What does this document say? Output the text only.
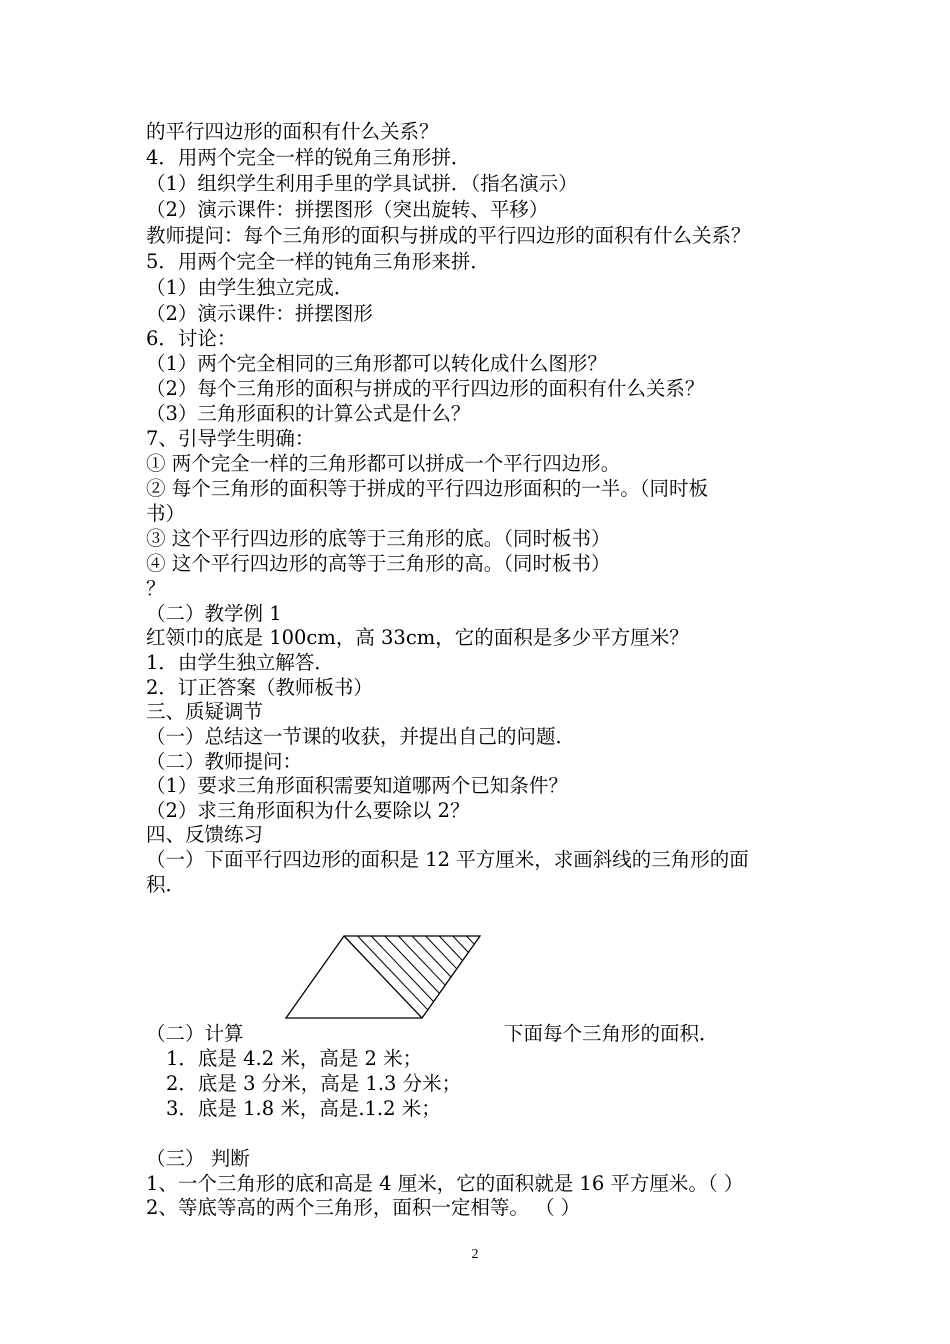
的平行四边形的面积有什么关系？
4．用两个完全一样的锐角三角形拼．
（1）组织学生利用手里的学具试拼．（指名演示）
（2）演示课件：拼摆图形（突出旋转、平移）
教师提问：每个三角形的面积与拼成的平行四边形的面积有什么关系？
5．用两个完全一样的钝角三角形来拼．
（1）由学生独立完成．
（2）演示课件：拼摆图形
6．讨论：
（1）两个完全相同的三角形都可以转化成什么图形？
（2）每个三角形的面积与拼成的平行四边形的面积有什么关系？
（3）三角形面积的计算公式是什么？
7、引导学生明确：
① 两个完全一样的三角形都可以拼成一个平行四边形。
② 每个三角形的面积等于拼成的平行四边形面积的一半。（同时板
书）
③ 这个平行四边形的底等于三角形的底。（同时板书）
④ 这个平行四边形的高等于三角形的高。（同时板书）
？
（二）教学例 1
红领巾的底是 100cm，高 33cm，它的面积是多少平方厘米？
1．由学生独立解答．
2．订正答案（教师板书）
三、质疑调节
（一）总结这一节课的收获，并提出自己的问题．
（二）教师提问：
（1）要求三角形面积需要知道哪两个已知条件？
（2）求三角形面积为什么要除以 2？
四、反馈练习
（一）下面平行四边形的面积是 12 平方厘米，求画斜线的三角形的面
积．
（二）计算	下面每个三角形的面积．
1．底是 4.2 米，高是 2 米；
2．底是 3 分米，高是 1.3 分米；
3．底是 1.8 米，高是.1.2 米；
（三） 判断
1、一个三角形的底和高是 4 厘米，它的面积就是 16 平方厘米。（ ）
2、等底等高的两个三角形，面积一定相等。 （ ）
2
